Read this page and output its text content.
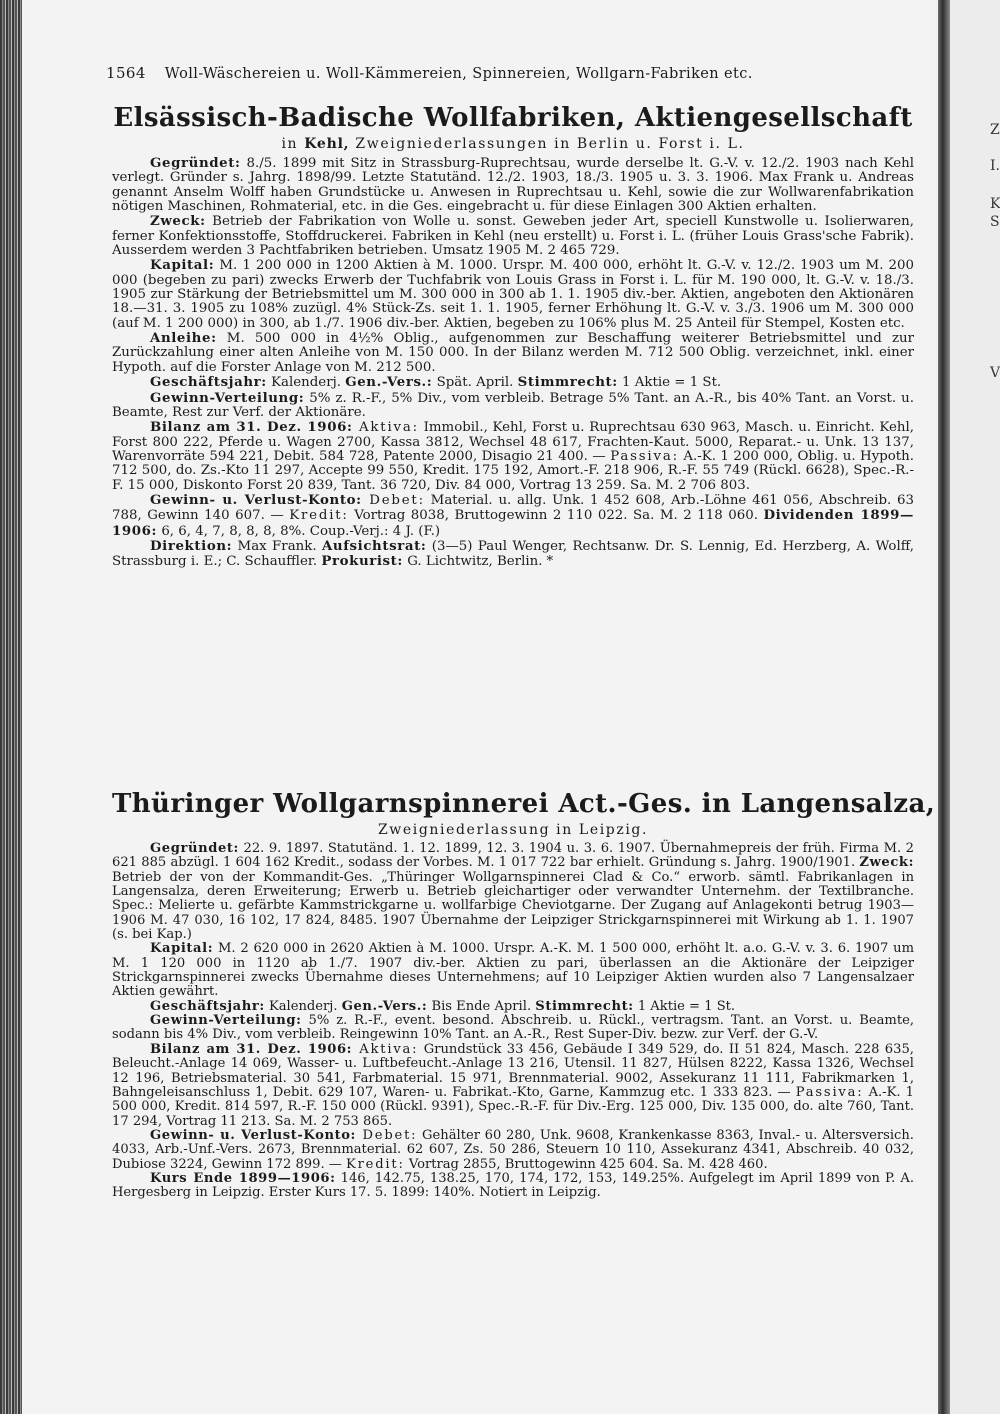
Z
I.
K
S
V
1564 Woll-Wäschereien u. Woll-Kämmereien, Spinnereien, Wollgarn-Fabriken etc.
Elsässisch-Badische Wollfabriken, Aktiengesellschaft
in Kehl, Zweigniederlassungen in Berlin u. Forst i. L.

Gegründet: 8./5. 1899 mit Sitz in Strassburg-Ruprechtsau, wurde derselbe lt. G.-V. v. 12./2. 1903 nach Kehl verlegt. Gründer s. Jahrg. 1898/99. Letzte Statutänd. 12./2. 1903, 18./3. 1905 u. 3. 3. 1906. Max Frank u. Andreas genannt Anselm Wolff haben Grundstücke u. Anwesen in Ruprechtsau u. Kehl, sowie die zur Wollwarenfabrikation nötigen Maschinen, Rohmaterial, etc. in die Ges. eingebracht u. für diese Einlagen 300 Aktien erhalten.

Zweck: Betrieb der Fabrikation von Wolle u. sonst. Geweben jeder Art, speciell Kunstwolle u. Isolierwaren, ferner Konfektionsstoffe, Stoffdruckerei. Fabriken in Kehl (neu erstellt) u. Forst i. L. (früher Louis Grass'sche Fabrik). Ausserdem werden 3 Pachtfabriken betrieben. Umsatz 1905 M. 2 465 729.

Kapital: M. 1 200 000 in 1200 Aktien à M. 1000. Urspr. M. 400 000, erhöht lt. G.-V. v. 12./2. 1903 um M. 200 000 (begeben zu pari) zwecks Erwerb der Tuchfabrik von Louis Grass in Forst i. L. für M. 190 000, lt. G.-V. v. 18./3. 1905 zur Stärkung der Betriebsmittel um M. 300 000 in 300 ab 1. 1. 1905 div.-ber. Aktien, angeboten den Aktionären 18.—31. 3. 1905 zu 108% zuzügl. 4% Stück-Zs. seit 1. 1. 1905, ferner Erhöhung lt. G.-V. v. 3./3. 1906 um M. 300 000 (auf M. 1 200 000) in 300, ab 1./7. 1906 div.-ber. Aktien, begeben zu 106% plus M. 25 Anteil für Stempel, Kosten etc.

Anleihe: M. 500 000 in 4½% Oblig., aufgenommen zur Beschaffung weiterer Betriebsmittel und zur Zurückzahlung einer alten Anleihe von M. 150 000. In der Bilanz werden M. 712 500 Oblig. verzeichnet, inkl. einer Hypoth. auf die Forster Anlage von M. 212 500.

Geschäftsjahr: Kalenderj. Gen.-Vers.: Spät. April. Stimmrecht: 1 Aktie = 1 St.

Gewinn-Verteilung: 5% z. R.-F., 5% Div., vom verbleib. Betrage 5% Tant. an A.-R., bis 40% Tant. an Vorst. u. Beamte, Rest zur Verf. der Aktionäre.

Bilanz am 31. Dez. 1906: Aktiva: Immobil., Kehl, Forst u. Ruprechtsau 630 963, Masch. u. Einricht. Kehl, Forst 800 222, Pferde u. Wagen 2700, Kassa 3812, Wechsel 48 617, Frachten-Kaut. 5000, Reparat.- u. Unk. 13 137, Warenvorräte 594 221, Debit. 584 728, Patente 2000, Disagio 21 400. — Passiva: A.-K. 1 200 000, Oblig. u. Hypoth. 712 500, do. Zs.-Kto 11 297, Accepte 99 550, Kredit. 175 192, Amort.-F. 218 906, R.-F. 55 749 (Rückl. 6628), Spec.-R.-F. 15 000, Diskonto Forst 20 839, Tant. 36 720, Div. 84 000, Vortrag 13 259. Sa. M. 2 706 803.

Gewinn- u. Verlust-Konto: Debet: Material. u. allg. Unk. 1 452 608, Arb.-Löhne 461 056, Abschreib. 63 788, Gewinn 140 607. — Kredit: Vortrag 8038, Bruttogewinn 2 110 022. Sa. M. 2 118 060. Dividenden 1899—1906: 6, 6, 4, 7, 8, 8, 8, 8%. Coup.-Verj.: 4 J. (F.)

Direktion: Max Frank. Aufsichtsrat: (3—5) Paul Wenger, Rechtsanw. Dr. S. Lennig, Ed. Herzberg, A. Wolff, Strassburg i. E.; C. Schauffler. Prokurist: G. Lichtwitz, Berlin. *

Thüringer Wollgarnspinnerei Act.-Ges. in Langensalza,
Zweigniederlassung in Leipzig.

Gegründet: 22. 9. 1897. Statutänd. 1. 12. 1899, 12. 3. 1904 u. 3. 6. 1907. Übernahmepreis der früh. Firma M. 2 621 885 abzügl. 1 604 162 Kredit., sodass der Vorbes. M. 1 017 722 bar erhielt. Gründung s. Jahrg. 1900/1901. Zweck: Betrieb der von der Kommandit-Ges. „Thüringer Wollgarnspinnerei Clad & Co.“ erworb. sämtl. Fabrikanlagen in Langensalza, deren Erweiterung; Erwerb u. Betrieb gleichartiger oder verwandter Unternehm. der Textilbranche. Spec.: Melierte u. gefärbte Kammstrickgarne u. wollfarbige Cheviotgarne. Der Zugang auf Anlagekonti betrug 1903—1906 M. 47 030, 16 102, 17 824, 8485. 1907 Übernahme der Leipziger Strickgarnspinnerei mit Wirkung ab 1. 1. 1907 (s. bei Kap.)

Kapital: M. 2 620 000 in 2620 Aktien à M. 1000. Urspr. A.-K. M. 1 500 000, erhöht lt. a.o. G.-V. v. 3. 6. 1907 um M. 1 120 000 in 1120 ab 1./7. 1907 div.-ber. Aktien zu pari, überlassen an die Aktionäre der Leipziger Strickgarnspinnerei zwecks Übernahme dieses Unternehmens; auf 10 Leipziger Aktien wurden also 7 Langensalzaer Aktien gewährt.

Geschäftsjahr: Kalenderj. Gen.-Vers.: Bis Ende April. Stimmrecht: 1 Aktie = 1 St.

Gewinn-Verteilung: 5% z. R.-F., event. besond. Abschreib. u. Rückl., vertragsm. Tant. an Vorst. u. Beamte, sodann bis 4% Div., vom verbleib. Reingewinn 10% Tant. an A.-R., Rest Super-Div. bezw. zur Verf. der G.-V.

Bilanz am 31. Dez. 1906: Aktiva: Grundstück 33 456, Gebäude I 349 529, do. II 51 824, Masch. 228 635, Beleucht.-Anlage 14 069, Wasser- u. Luftbefeucht.-Anlage 13 216, Utensil. 11 827, Hülsen 8222, Kassa 1326, Wechsel 12 196, Betriebsmaterial. 30 541, Farbmaterial. 15 971, Brennmaterial. 9002, Assekuranz 11 111, Fabrikmarken 1, Bahngeleisanschluss 1, Debit. 629 107, Waren- u. Fabrikat.-Kto, Garne, Kammzug etc. 1 333 823. — Passiva: A.-K. 1 500 000, Kredit. 814 597, R.-F. 150 000 (Rückl. 9391), Spec.-R.-F. für Div.-Erg. 125 000, Div. 135 000, do. alte 760, Tant. 17 294, Vortrag 11 213. Sa. M. 2 753 865.

Gewinn- u. Verlust-Konto: Debet: Gehälter 60 280, Unk. 9608, Krankenkasse 8363, Inval.- u. Altersversich. 4033, Arb.-Unf.-Vers. 2673, Brennmaterial. 62 607, Zs. 50 286, Steuern 10 110, Assekuranz 4341, Abschreib. 40 032, Dubiose 3224, Gewinn 172 899. — Kredit: Vortrag 2855, Bruttogewinn 425 604. Sa. M. 428 460.

Kurs Ende 1899—1906: 146, 142.75, 138.25, 170, 174, 172, 153, 149.25%. Aufgelegt im April 1899 von P. A. Hergesberg in Leipzig. Erster Kurs 17. 5. 1899: 140%. Notiert in Leipzig.
